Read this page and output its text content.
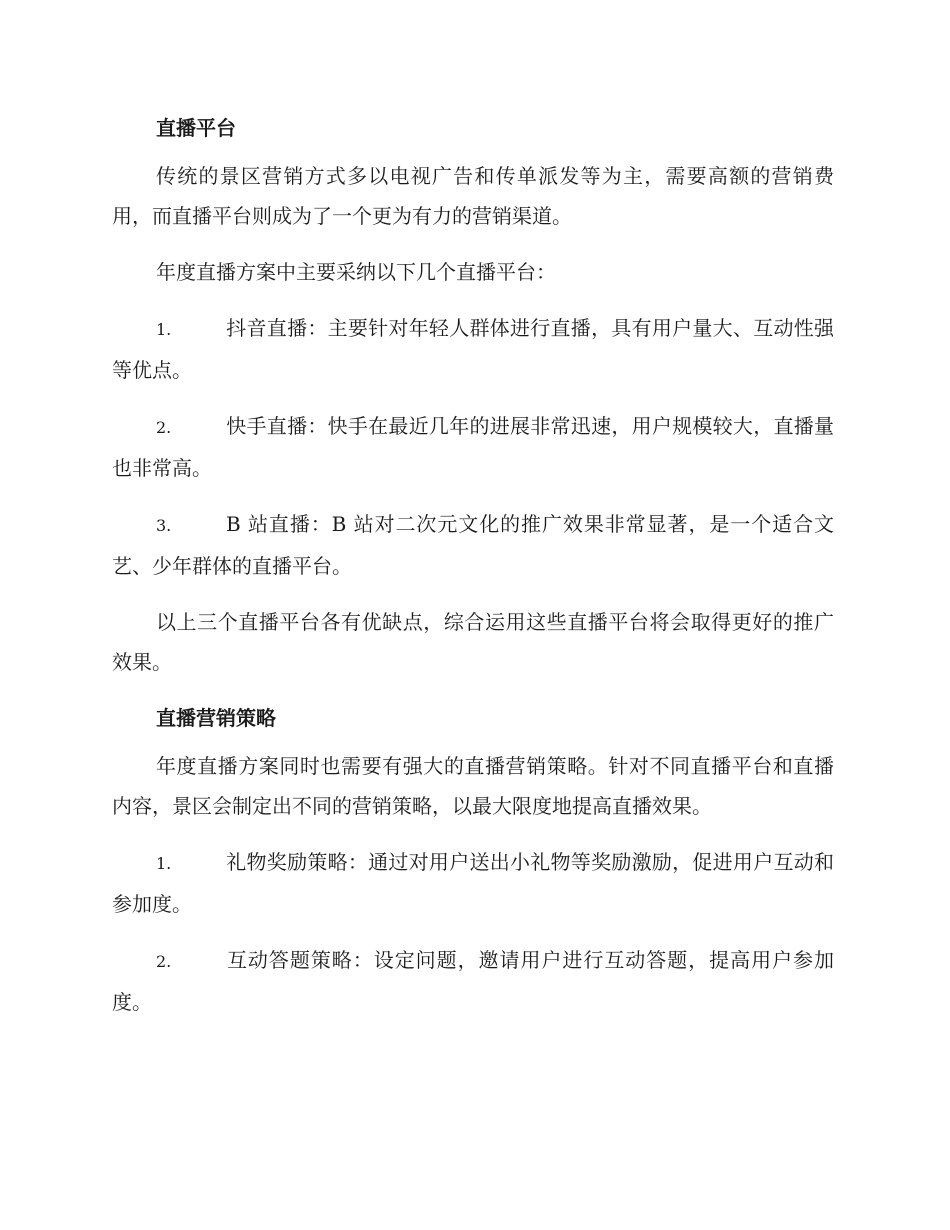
直播平台

传统的景区营销方式多以电视广告和传单派发等为主，需要高额的营销费用，而直播平台则成为了一个更为有力的营销渠道。

年度直播方案中主要采纳以下几个直播平台：

1.	抖音直播：主要针对年轻人群体进行直播，具有用户量大、互动性强等优点。

2.	快手直播：快手在最近几年的进展非常迅速，用户规模较大，直播量也非常高。

3.	B 站直播：B 站对二次元文化的推广效果非常显著，是一个适合文艺、少年群体的直播平台。

以上三个直播平台各有优缺点，综合运用这些直播平台将会取得更好的推广效果。

直播营销策略

年度直播方案同时也需要有强大的直播营销策略。针对不同直播平台和直播内容，景区会制定出不同的营销策略，以最大限度地提高直播效果。

1.	礼物奖励策略：通过对用户送出小礼物等奖励激励，促进用户互动和参加度。

2.	互动答题策略：设定问题，邀请用户进行互动答题，提高用户参加度。
